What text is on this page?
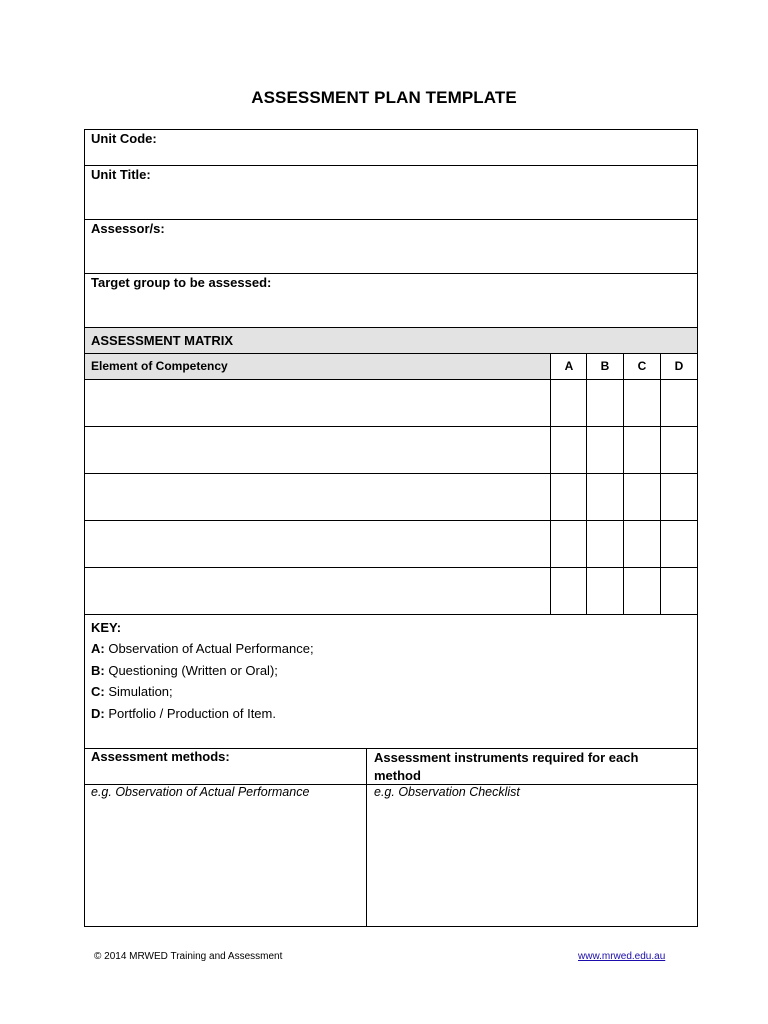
ASSESSMENT PLAN TEMPLATE
Unit Code:
Unit Title:
Assessor/s:
Target group to be assessed:
ASSESSMENT MATRIX
Element of Competency	A	B	C	D
KEY:
A: Observation of Actual Performance;
B: Questioning (Written or Oral);
C: Simulation;
D: Portfolio / Production of Item.
Assessment methods:	Assessment instruments required for each
method
e.g. Observation of Actual Performance	e.g. Observation Checklist
© 2014 MRWED Training and Assessment	www.mrwed.edu.au
